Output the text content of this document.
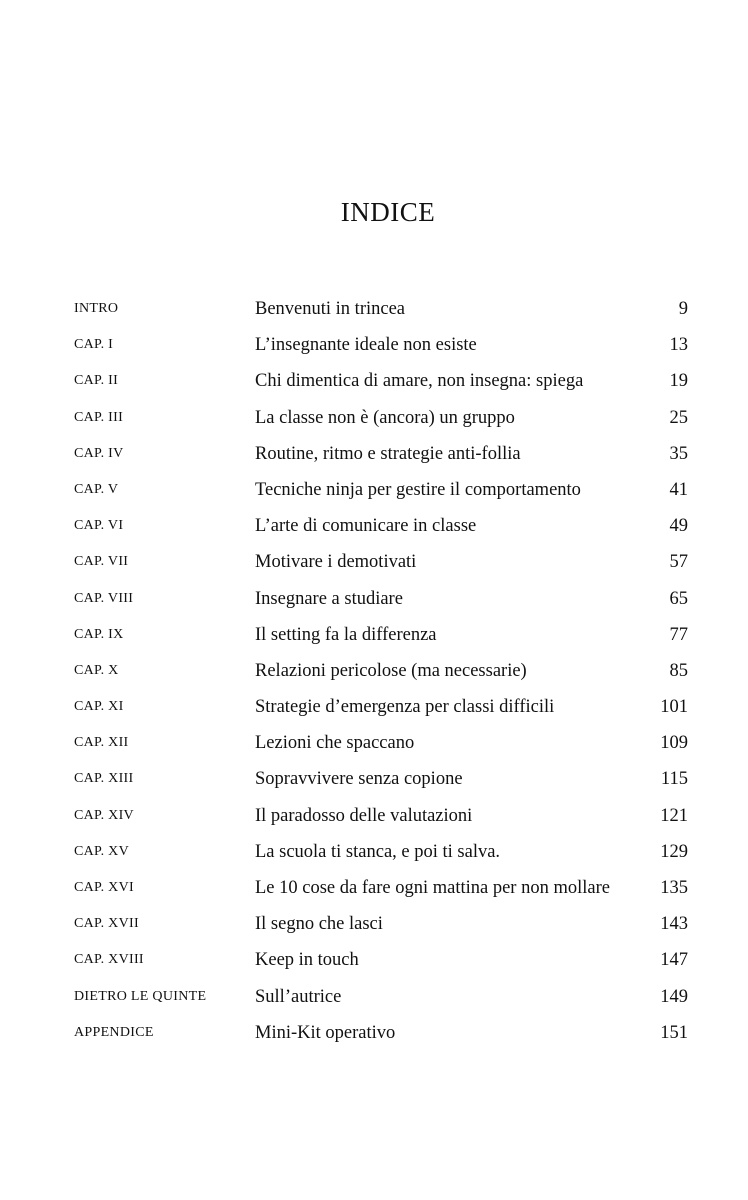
INDICE
INTRO	Benvenuti in trincea	9
CAP. I	L’insegnante ideale non esiste	13
CAP. II	Chi dimentica di amare, non insegna: spiega	19
CAP. III	La classe non è (ancora) un gruppo	25
CAP. IV	Routine, ritmo e strategie anti-follia	35
CAP. V	Tecniche ninja per gestire il comportamento	41
CAP. VI	L’arte di comunicare in classe	49
CAP. VII	Motivare i demotivati	57
CAP. VIII	Insegnare a studiare	65
CAP. IX	Il setting fa la differenza	77
CAP. X	Relazioni pericolose (ma necessarie)	85
CAP. XI	Strategie d’emergenza per classi difficili	101
CAP. XII	Lezioni che spaccano	109
CAP. XIII	Sopravvivere senza copione	115
CAP. XIV	Il paradosso delle valutazioni	121
CAP. XV	La scuola ti stanca, e poi ti salva.	129
CAP. XVI	Le 10 cose da fare ogni mattina per non mollare	135
CAP. XVII	Il segno che lasci	143
CAP. XVIII	Keep in touch	147
DIETRO LE QUINTE	Sull’autrice	149
APPENDICE	Mini-Kit operativo	151
